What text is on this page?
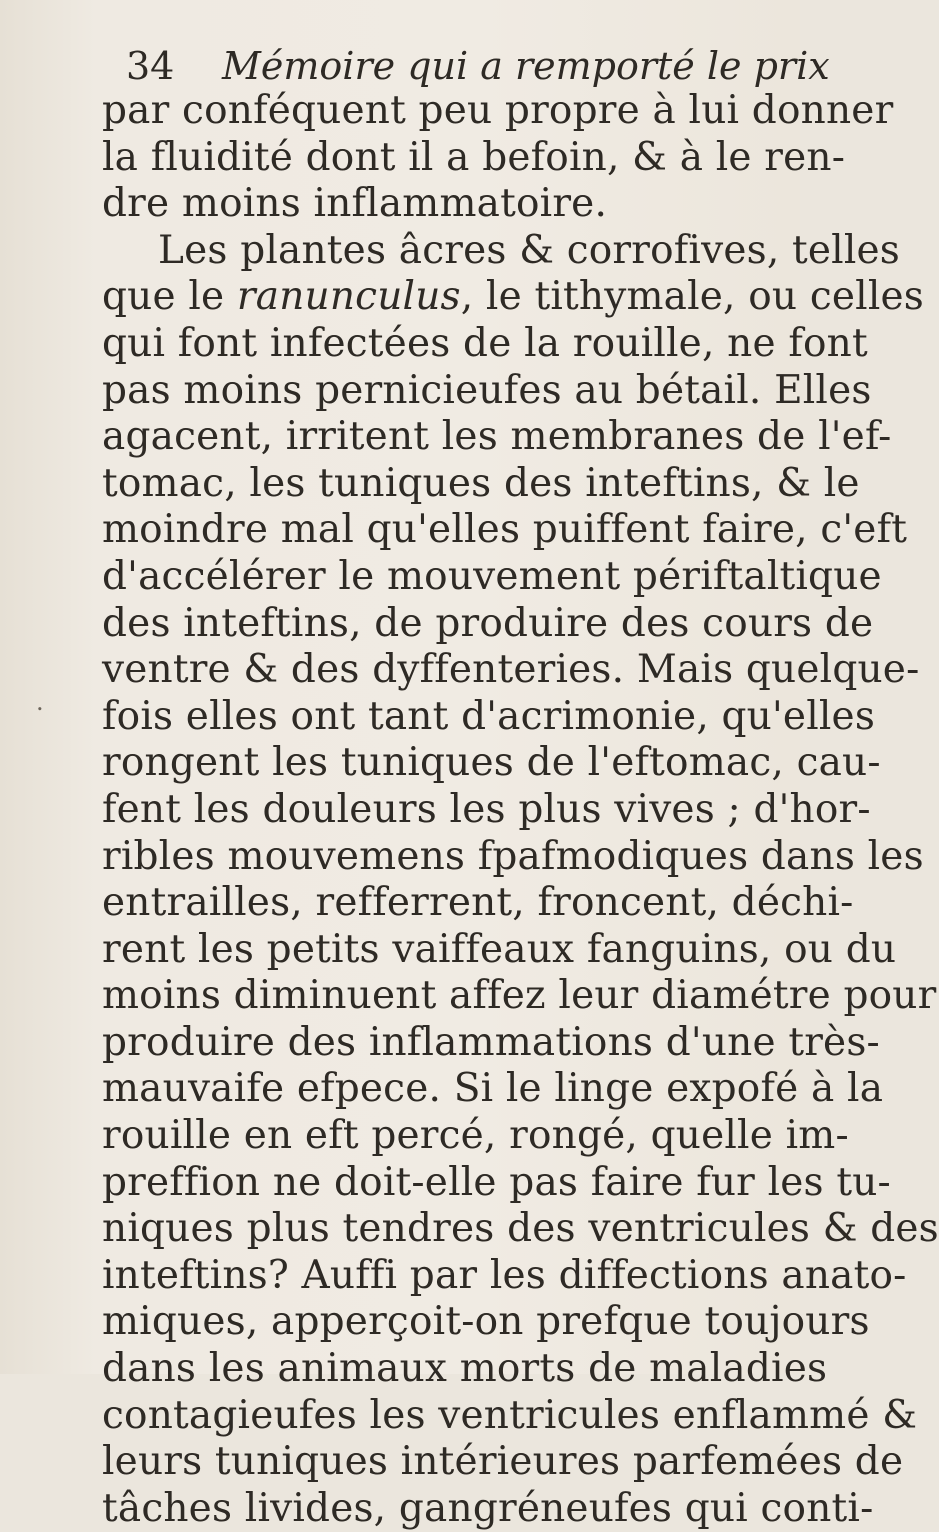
34 Mémoire qui a remporté le prix
.
par conféquent peu propre à lui donner
la fluidité dont il a befoin, & à le ren-
dre moins inflammatoire.
Les plantes âcres & corrofives, telles
que le ranunculus, le tithymale, ou celles
qui font infectées de la rouille, ne font
pas moins pernicieufes au bétail. Elles
agacent, irritent les membranes de l'ef-
tomac, les tuniques des inteftins, & le
moindre mal qu'elles puiffent faire, c'eft
d'accélérer le mouvement périftaltique
des inteftins, de produire des cours de
ventre & des dyffenteries. Mais quelque-
fois elles ont tant d'acrimonie, qu'elles
rongent les tuniques de l'eftomac, cau-
fent les douleurs les plus vives ; d'hor-
ribles mouvemens fpafmodiques dans les
entrailles, refferrent, froncent, déchi-
rent les petits vaiffeaux fanguins, ou du
moins diminuent affez leur diamétre pour
produire des inflammations d'une très-
mauvaife efpece. Si le linge expofé à la
rouille en eft percé, rongé, quelle im-
preffion ne doit-elle pas faire fur les tu-
niques plus tendres des ventricules & des
inteftins? Auffi par les diffections anato-
miques, apperçoit-on prefque toujours
dans les animaux morts de maladies
contagieufes les ventricules enflammé &
leurs tuniques intérieures parfemées de
tâches livides, gangréneufes qui conti-
